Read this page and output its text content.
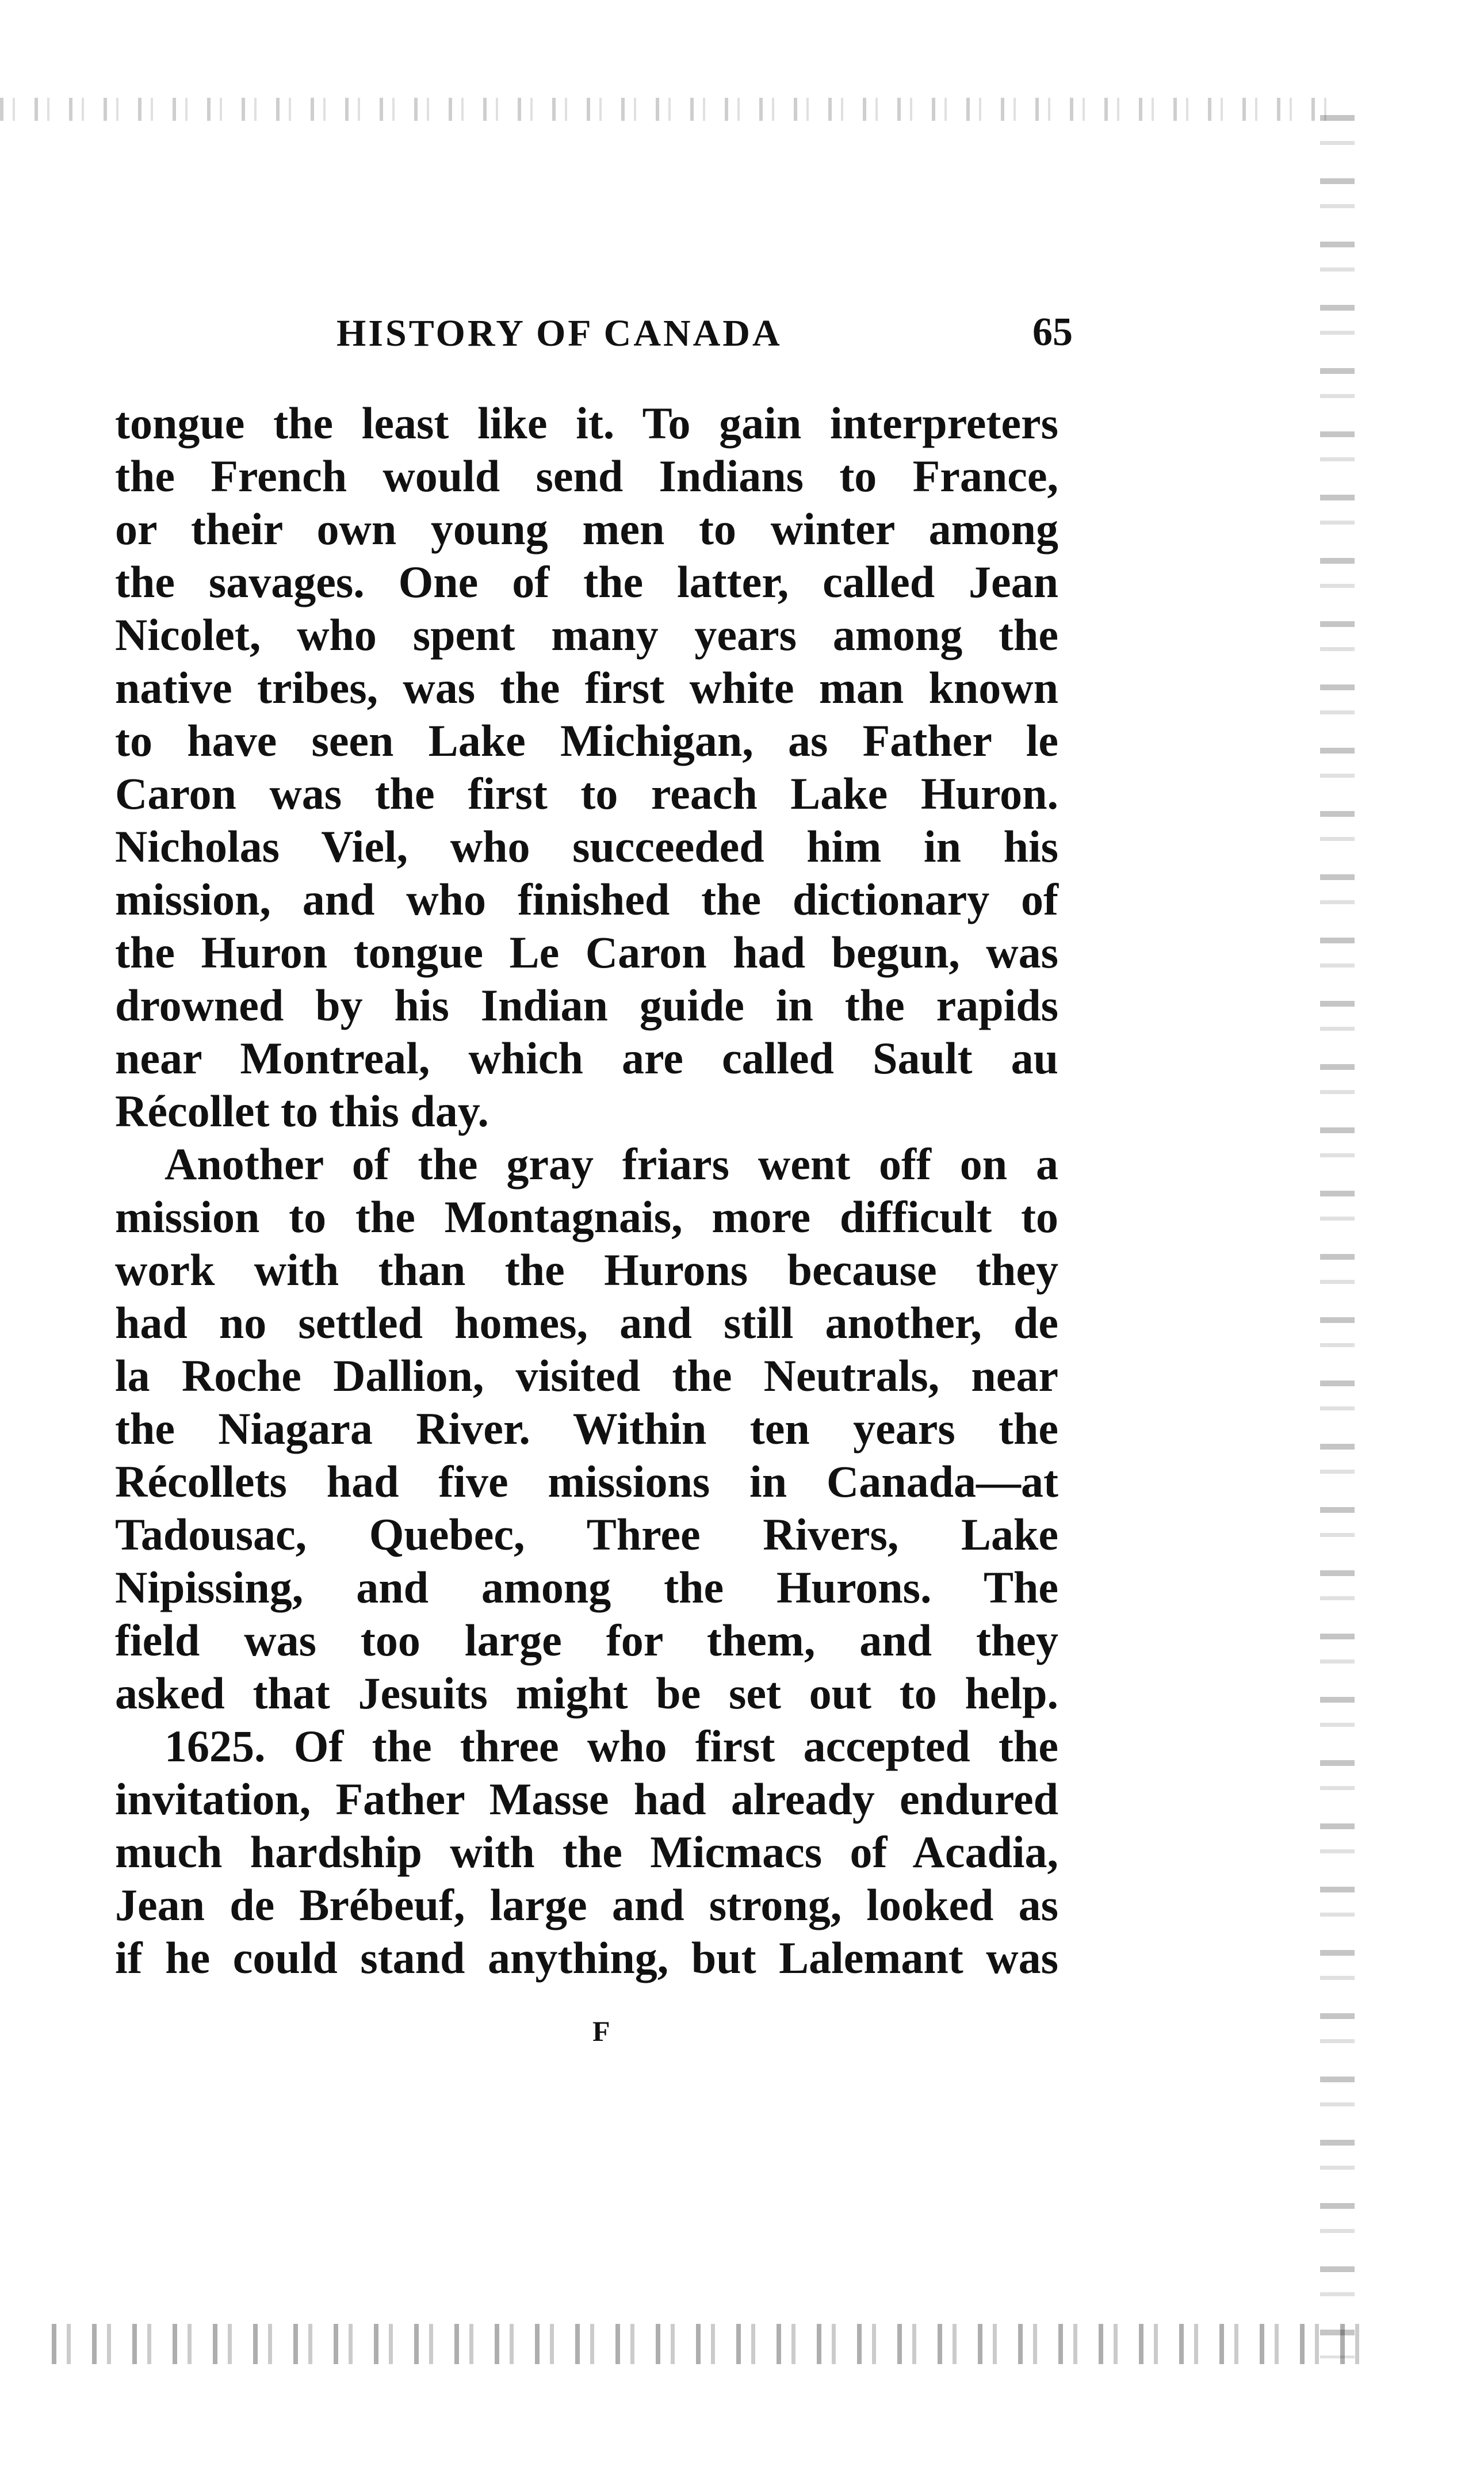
HISTORY OF CANADA	65
tongue the least like it. To gain interpreters
the French would send Indians to France,
or their own young men to winter among
the savages. One of the latter, called Jean
Nicolet, who spent many years among the
native tribes, was the first white man known
to have seen Lake Michigan, as Father le
Caron was the first to reach Lake Huron.
Nicholas Viel, who succeeded him in his
mission, and who finished the dictionary of
the Huron tongue Le Caron had begun, was
drowned by his Indian guide in the rapids
near Montreal, which are called Sault au
Récollet to this day.
Another of the gray friars went off on a
mission to the Montagnais, more difficult to
work with than the Hurons because they
had no settled homes, and still another, de
la Roche Dallion, visited the Neutrals, near
the Niagara River. Within ten years the
Récollets had five missions in Canada—at
Tadousac, Quebec, Three Rivers, Lake
Nipissing, and among the Hurons. The
field was too large for them, and they
asked that Jesuits might be set out to help.
1625. Of the three who first accepted the
invitation, Father Masse had already endured
much hardship with the Micmacs of Acadia,
Jean de Brébeuf, large and strong, looked as
if he could stand anything, but Lalemant was
F
